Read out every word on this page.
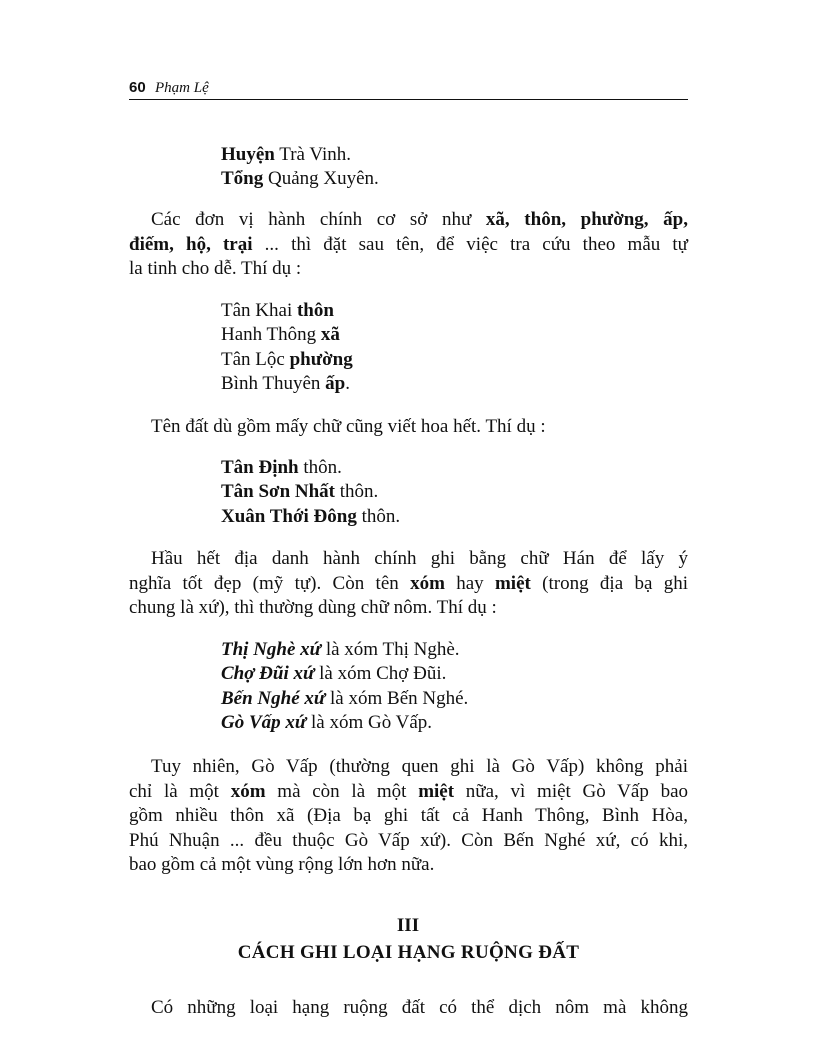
60 Phạm Lệ
Huyện Trà Vinh.
Tổng Quảng Xuyên.
Các đơn vị hành chính cơ sở như xã, thôn, phường, ấp,
điếm, hộ, trại ... thì đặt sau tên, để việc tra cứu theo mẫu tự
la tinh cho dễ. Thí dụ :
Tân Khai thôn
Hanh Thông xã
Tân Lộc phường
Bình Thuyên ấp.
Tên đất dù gồm mấy chữ cũng viết hoa hết. Thí dụ :
Tân Định thôn.
Tân Sơn Nhất thôn.
Xuân Thới Đông thôn.
Hầu hết địa danh hành chính ghi bằng chữ Hán để lấy ý
nghĩa tốt đẹp (mỹ tự). Còn tên xóm hay miệt (trong địa bạ ghi
chung là xứ), thì thường dùng chữ nôm. Thí dụ :
Thị Nghè xứ là xóm Thị Nghè.
Chợ Đũi xứ là xóm Chợ Đũi.
Bến Nghé xứ là xóm Bến Nghé.
Gò Vấp xứ là xóm Gò Vấp.
Tuy nhiên, Gò Vấp (thường quen ghi là Gò Vấp) không phải
chỉ là một xóm mà còn là một miệt nữa, vì miệt Gò Vấp bao
gồm nhiều thôn xã (Địa bạ ghi tất cả Hanh Thông, Bình Hòa,
Phú Nhuận ... đều thuộc Gò Vấp xứ). Còn Bến Nghé xứ, có khi,
bao gồm cả một vùng rộng lớn hơn nữa.
III
CÁCH GHI LOẠI HẠNG RUỘNG ĐẤT
Có những loại hạng ruộng đất có thể dịch nôm mà không
